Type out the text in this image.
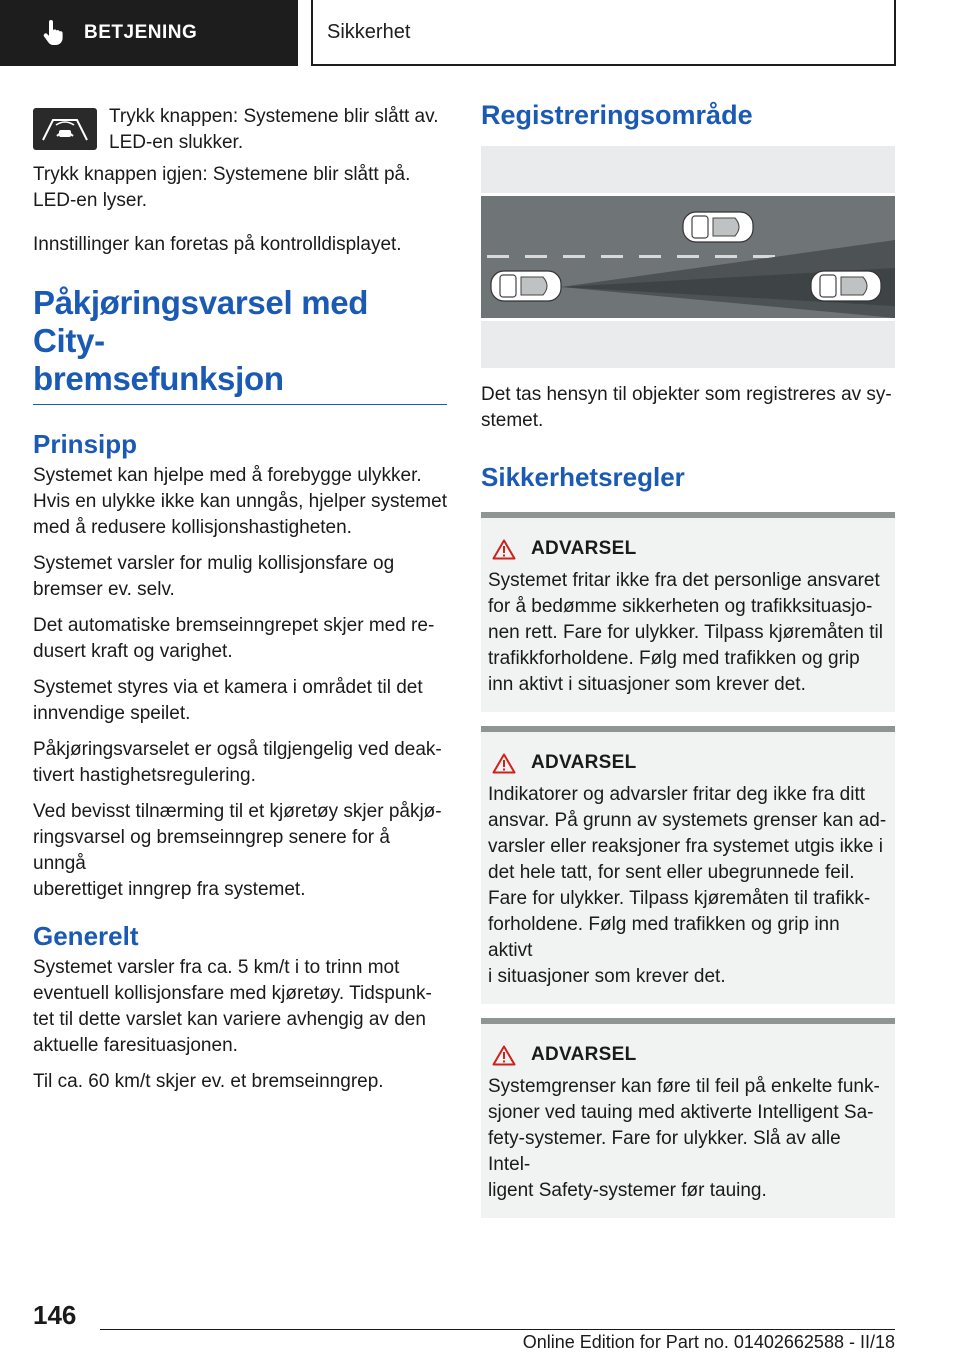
BETJENING	Sikkerhet

Trykk knappen: Systemene blir slått av.
LED-en slukker.

Trykk knappen igjen: Systemene blir slått på.
LED-en lyser.

Innstillinger kan foretas på kontrolldisplayet.

Påkjøringsvarsel med City-
bremsefunksjon
Prinsipp

Systemet kan hjelpe med å forebygge ulykker.
Hvis en ulykke ikke kan unngås, hjelper systemet
med å redusere kollisjonshastigheten.

Systemet varsler for mulig kollisjonsfare og
bremser ev. selv.

Det automatiske bremseinngrepet skjer med re-
dusert kraft og varighet.

Systemet styres via et kamera i området til det
innvendige speilet.

Påkjøringsvarselet er også tilgjengelig ved deak-
tivert hastighetsregulering.

Ved bevisst tilnærming til et kjøretøy skjer påkjø-
ringsvarsel og bremseinngrep senere for å unngå
uberettiget inngrep fra systemet.

Generelt

Systemet varsler fra ca. 5 km/t i to trinn mot
eventuell kollisjonsfare med kjøretøy. Tidspunk-
tet til dette varslet kan variere avhengig av den
aktuelle faresituasjonen.

Til ca. 60 km/t skjer ev. et bremseinngrep.

Registreringsområde

Det tas hensyn til objekter som registreres av sy-
stemet.

Sikkerhetsregler
ADVARSEL

Systemet fritar ikke fra det personlige ansvaret
for å bedømme sikkerheten og trafikksituasjo-
nen rett. Fare for ulykker. Tilpass kjøremåten til
trafikkforholdene. Følg med trafikken og grip
inn aktivt i situasjoner som krever det.

ADVARSEL

Indikatorer og advarsler fritar deg ikke fra ditt
ansvar. På grunn av systemets grenser kan ad-
varsler eller reaksjoner fra systemet utgis ikke i
det hele tatt, for sent eller ubegrunnede feil.
Fare for ulykker. Tilpass kjøremåten til trafikk-
forholdene. Følg med trafikken og grip inn aktivt
i situasjoner som krever det.

ADVARSEL

Systemgrenser kan føre til feil på enkelte funk-
sjoner ved tauing med aktiverte Intelligent Sa-
fety-systemer. Fare for ulykker. Slå av alle Intel-
ligent Safety-systemer før tauing.

146
Online Edition for Part no. 01402662588 - II/18
